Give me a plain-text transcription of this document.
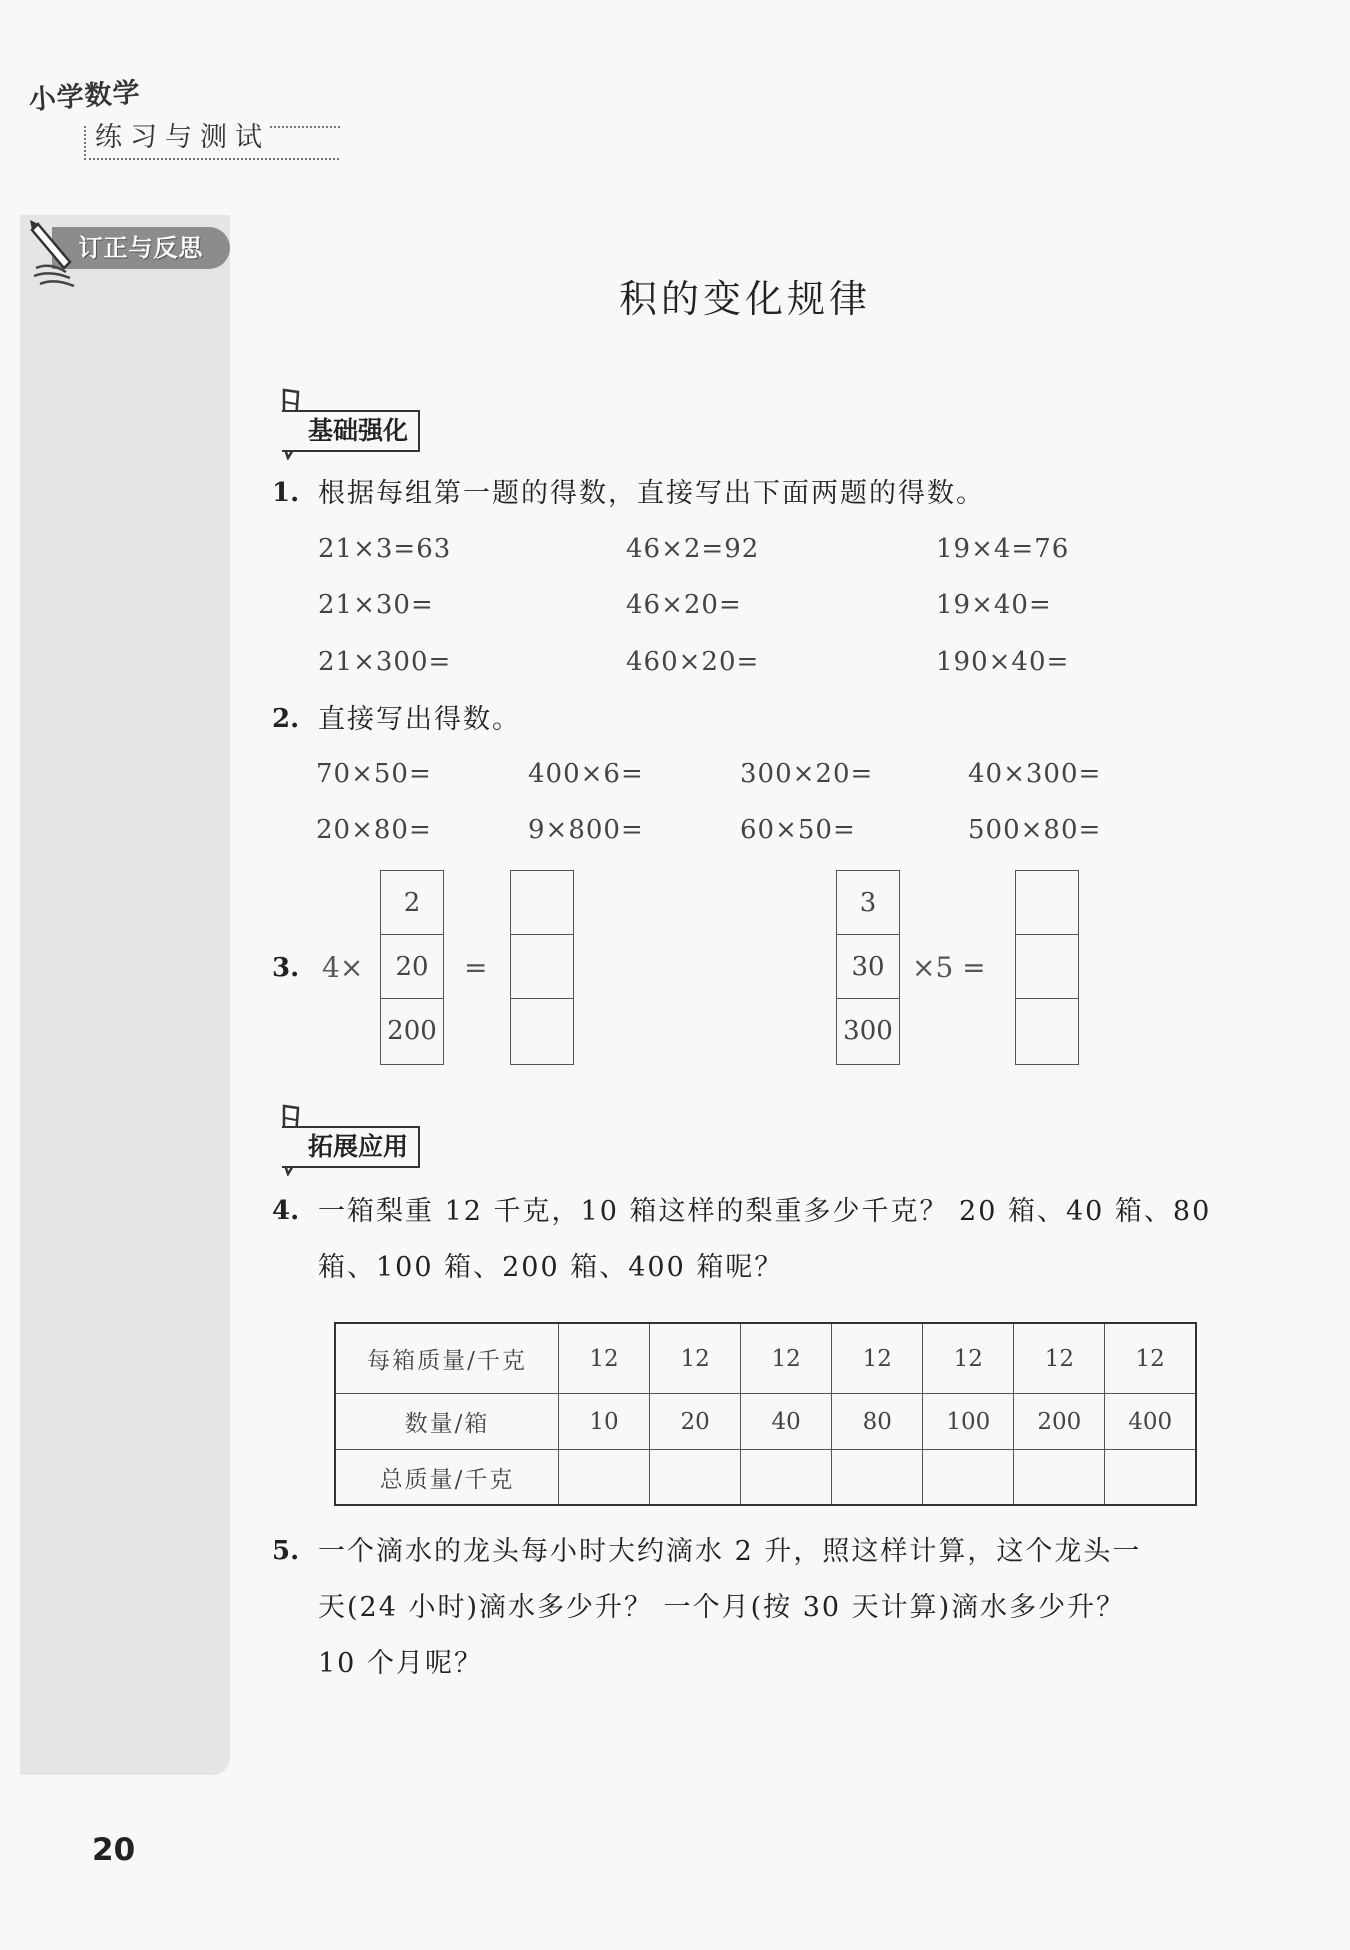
小学数学
练习与测试
订正与反思
积的变化规律
基础强化
1. 根据每组第一题的得数，直接写出下面两题的得数。
21×3=63
21×30=
21×300=
46×2=92
46×20=
460×20=
19×4=76
19×40=
190×40=
2. 直接写出得数。
70×50=	400×6=	300×20=	40×300=
20×80=	9×800=	60×50=	500×80=
3. 4×
2
20
200
=
3
30
300
×5 =
拓展应用
4. 一箱梨重 12 千克，10 箱这样的梨重多少千克？ 20 箱、40 箱、80
箱、100 箱、200 箱、400 箱呢？
每箱质量/千克	12	12	12	12	12	12	12
数量/箱	10	20	40	80	100	200	400
总质量/千克							
5. 一个滴水的龙头每小时大约滴水 2 升，照这样计算，这个龙头一
天(24 小时)滴水多少升？ 一个月(按 30 天计算)滴水多少升？
10 个月呢？
20
